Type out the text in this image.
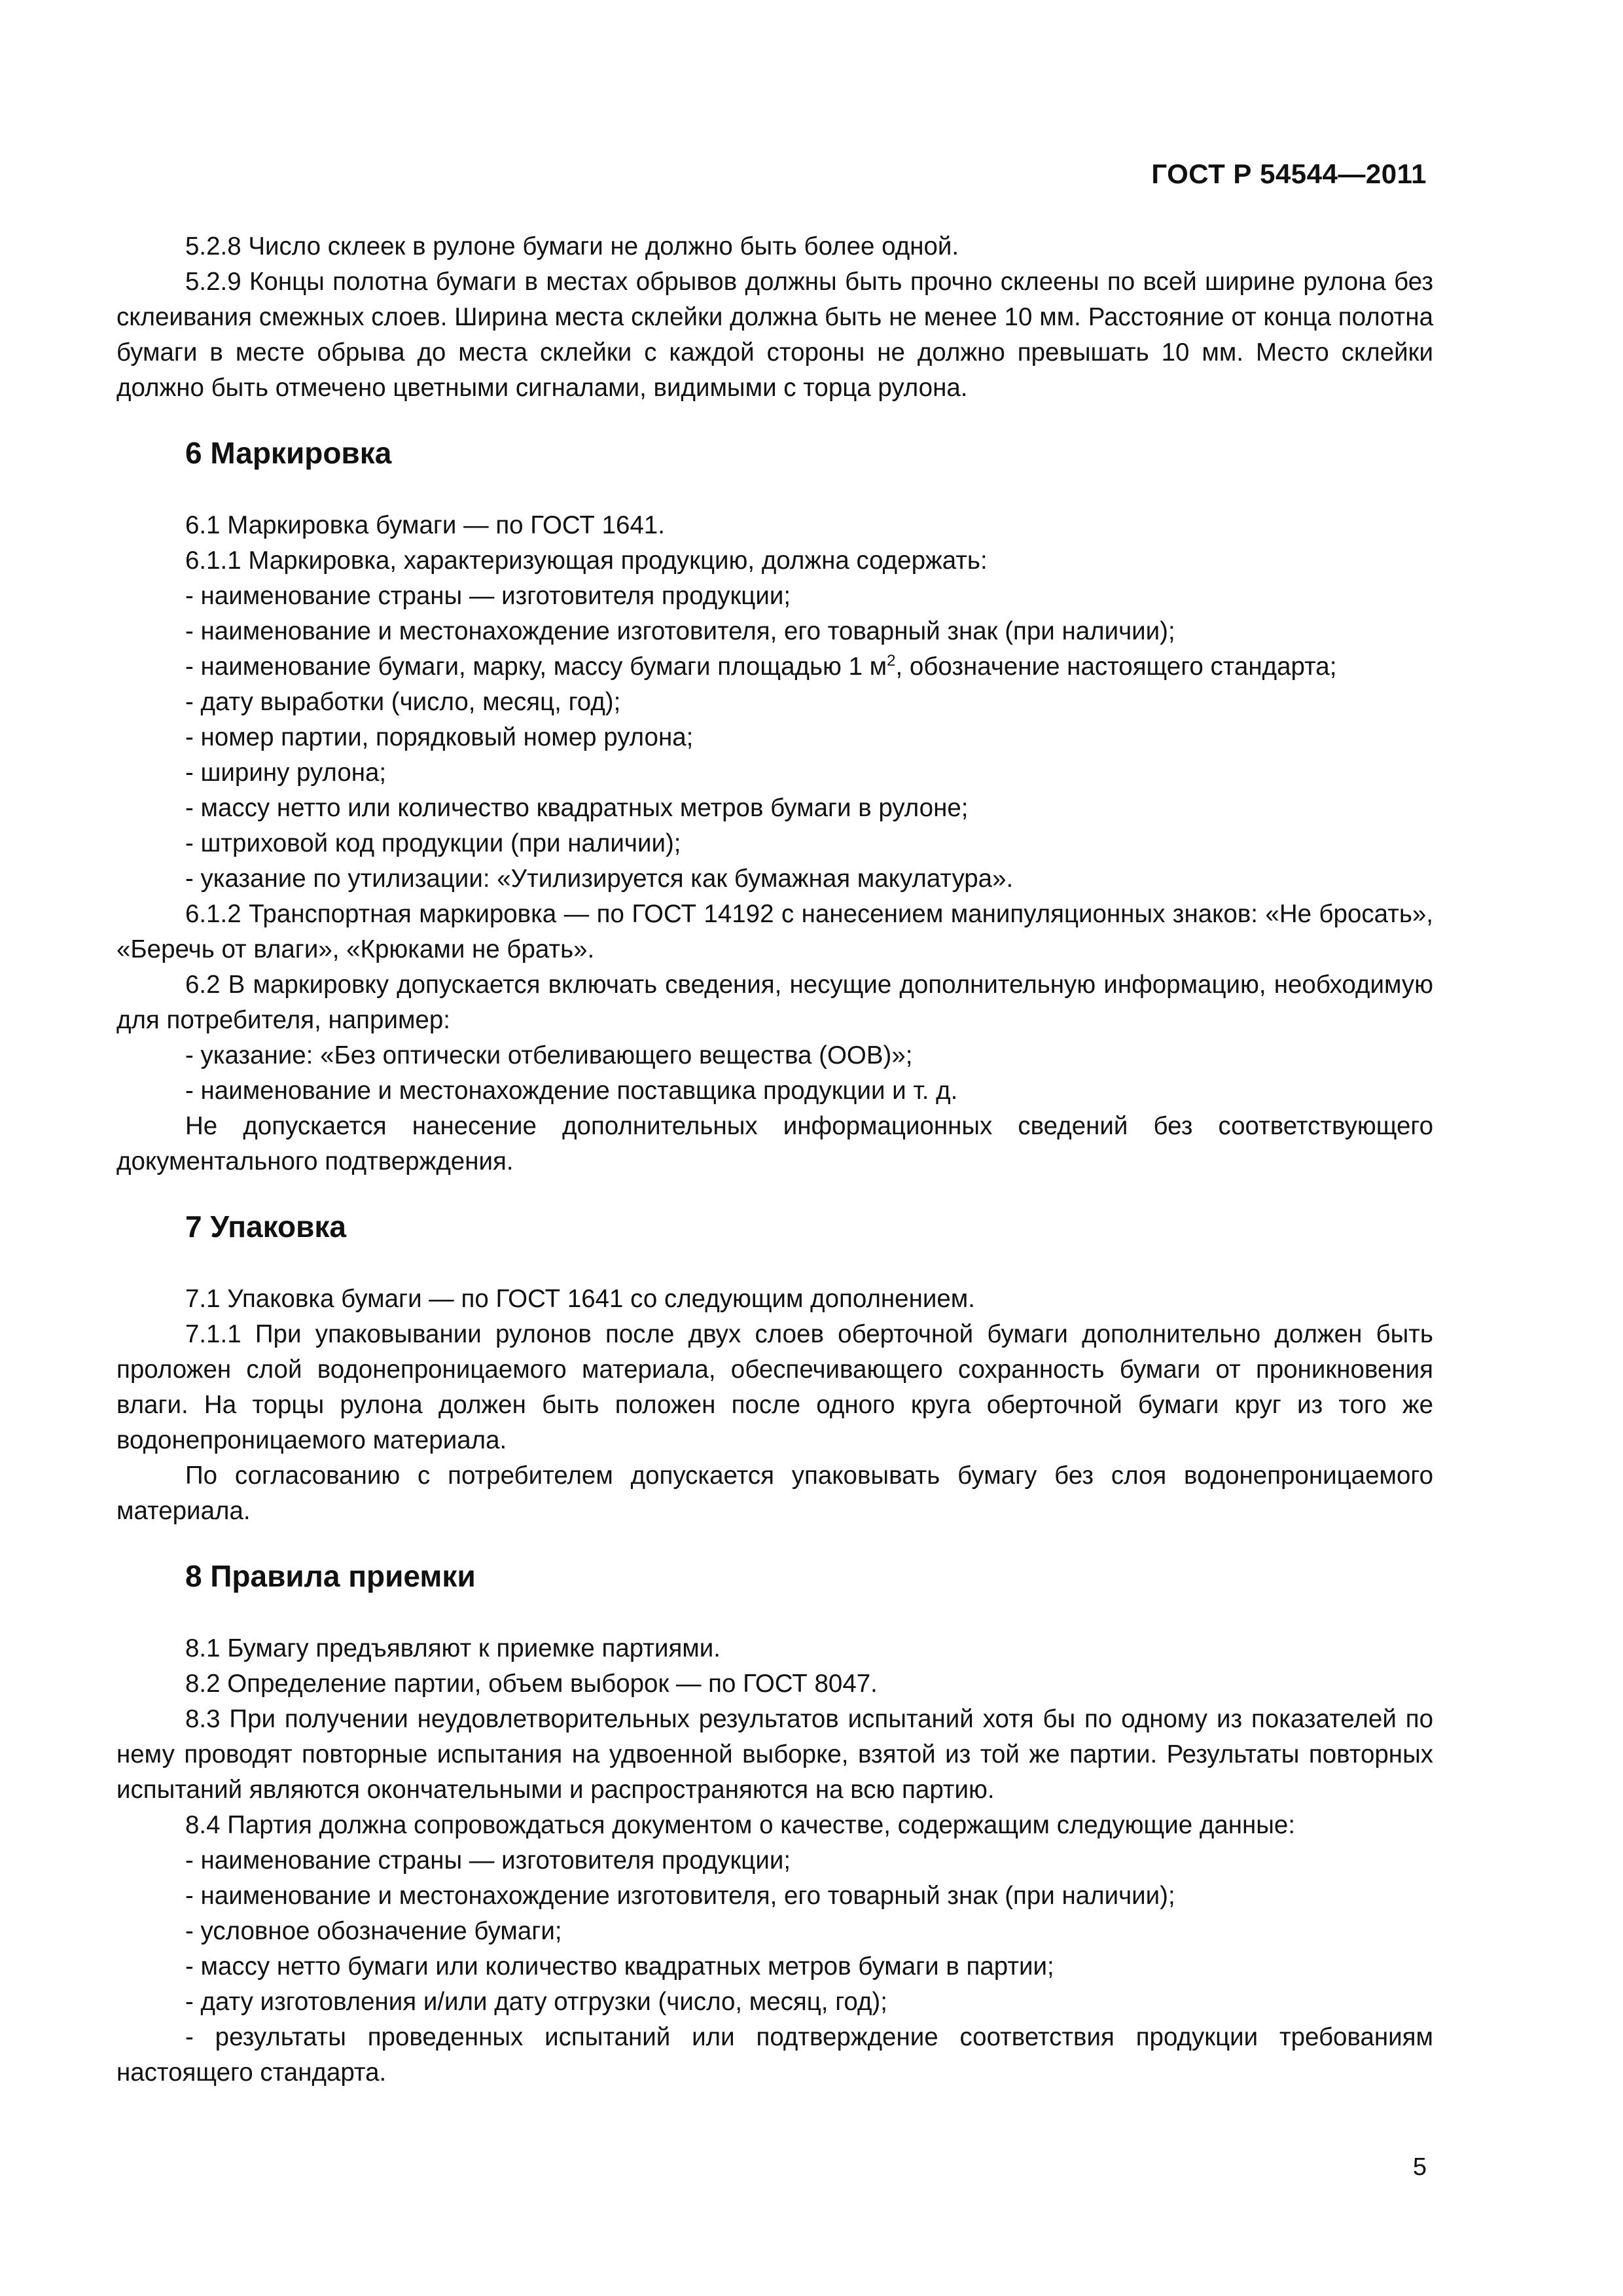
ГОСТ Р 54544—2011

5.2.8 Число склеек в рулоне бумаги не должно быть более одной.

5.2.9 Концы полотна бумаги в местах обрывов должны быть прочно склеены по всей ширине рулона без склеивания смежных слоев. Ширина места склейки должна быть не менее 10 мм. Расстояние от конца полотна бумаги в месте обрыва до места склейки с каждой стороны не должно превышать 10 мм. Место склейки должно быть отмечено цветными сигналами, видимыми с торца рулона.

6 Маркировка

6.1 Маркировка бумаги — по ГОСТ 1641.

6.1.1 Маркировка, характеризующая продукцию, должна содержать:

- наименование страны — изготовителя продукции;

- наименование и местонахождение изготовителя, его товарный знак (при наличии);

- наименование бумаги, марку, массу бумаги площадью 1 $м^2$, обозначение настоящего стандарта;

- дату выработки (число, месяц, год);

- номер партии, порядковый номер рулона;

- ширину рулона;

- массу нетто или количество квадратных метров бумаги в рулоне;

- штриховой код продукции (при наличии);

- указание по утилизации: «Утилизируется как бумажная макулатура».

6.1.2 Транспортная маркировка — по ГОСТ 14192 с нанесением манипуляционных знаков: «Не бросать», «Беречь от влаги», «Крюками не брать».

6.2 В маркировку допускается включать сведения, несущие дополнительную информацию, необходимую для потребителя, например:

- указание: «Без оптически отбеливающего вещества (ООВ)»;

- наименование и местонахождение поставщика продукции и т. д.

Не допускается нанесение дополнительных информационных сведений без соответствующего документального подтверждения.

7 Упаковка

7.1 Упаковка бумаги — по ГОСТ 1641 со следующим дополнением.

7.1.1 При упаковывании рулонов после двух слоев оберточной бумаги дополнительно должен быть проложен слой водонепроницаемого материала, обеспечивающего сохранность бумаги от проникновения влаги. На торцы рулона должен быть положен после одного круга оберточной бумаги круг из того же водонепроницаемого материала.

По согласованию с потребителем допускается упаковывать бумагу без слоя водонепроницаемого материала.

8 Правила приемки

8.1 Бумагу предъявляют к приемке партиями.

8.2 Определение партии, объем выборок — по ГОСТ 8047.

8.3 При получении неудовлетворительных результатов испытаний хотя бы по одному из показателей по нему проводят повторные испытания на удвоенной выборке, взятой из той же партии. Результаты повторных испытаний являются окончательными и распространяются на всю партию.

8.4 Партия должна сопровождаться документом о качестве, содержащим следующие данные:

- наименование страны — изготовителя продукции;

- наименование и местонахождение изготовителя, его товарный знак (при наличии);

- условное обозначение бумаги;

- массу нетто бумаги или количество квадратных метров бумаги в партии;

- дату изготовления и/или дату отгрузки (число, месяц, год);

- результаты проведенных испытаний или подтверждение соответствия продукции требованиям настоящего стандарта.

5
